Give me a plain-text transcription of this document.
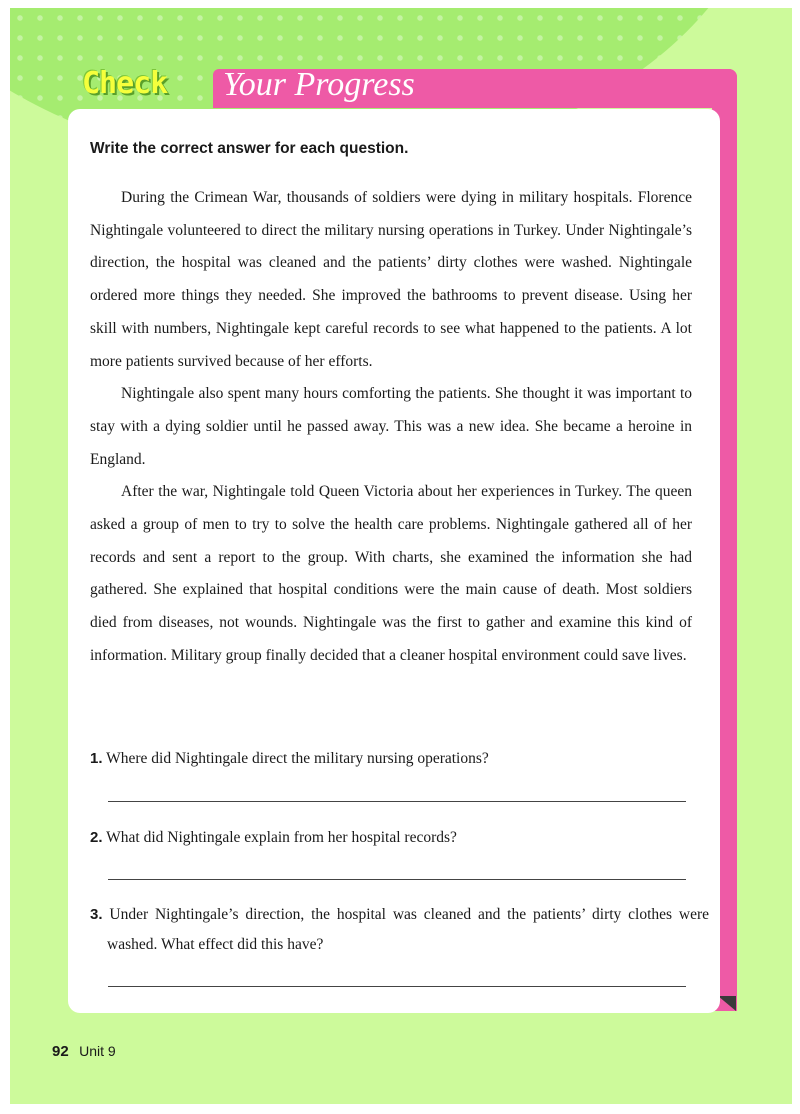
Check Your Progress

Write the correct answer for each question.

During the Crimean War, thousands of soldiers were dying in military hospitals. Florence Nightingale volunteered to direct the military nursing operations in Turkey. Under Nightingale’s direction, the hospital was cleaned and the patients’ dirty clothes were washed. Nightingale ordered more things they needed. She improved the bathrooms to prevent disease. Using her skill with numbers, Nightingale kept careful records to see what happened to the patients. A lot more patients survived because of her efforts.

Nightingale also spent many hours comforting the patients. She thought it was important to stay with a dying soldier until he passed away. This was a new idea. She became a heroine in England.

After the war, Nightingale told Queen Victoria about her experiences in Turkey. The queen asked a group of men to try to solve the health care problems. Nightingale gathered all of her records and sent a report to the group. With charts, she examined the information she had gathered. She explained that hospital conditions were the main cause of death. Most soldiers died from diseases, not wounds. Nightingale was the first to gather and examine this kind of information. Military group finally decided that a cleaner hospital environment could save lives.

1. Where did Nightingale direct the military nursing operations?

2. What did Nightingale explain from her hospital records?

3. Under Nightingale’s direction, the hospital was cleaned and the patients’ dirty clothes were washed. What effect did this have?

92 Unit 9
